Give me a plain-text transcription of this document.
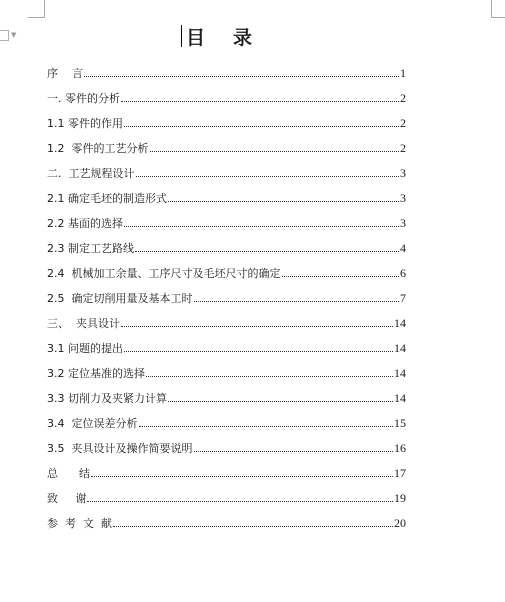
▼	目 录
序    言	1
一. 零件的分析	2
1.1 零件的作用	2
1.2  零件的工艺分析	2
二.  工艺规程设计	3
2.1 确定毛坯的制造形式	3
2.2 基面的选择	3
2.3 制定工艺路线	4
2.4  机械加工余量、工序尺寸及毛坯尺寸的确定	6
2.5  确定切削用量及基本工时	7
三、  夹具设计	14
3.1 问题的提出	14
3.2 定位基准的选择	14
3.3 切削力及夹紧力计算	14
3.4  定位误差分析	15
3.5  夹具设计及操作简要说明	16
总      结	17
致     谢	19
参  考  文  献	20
